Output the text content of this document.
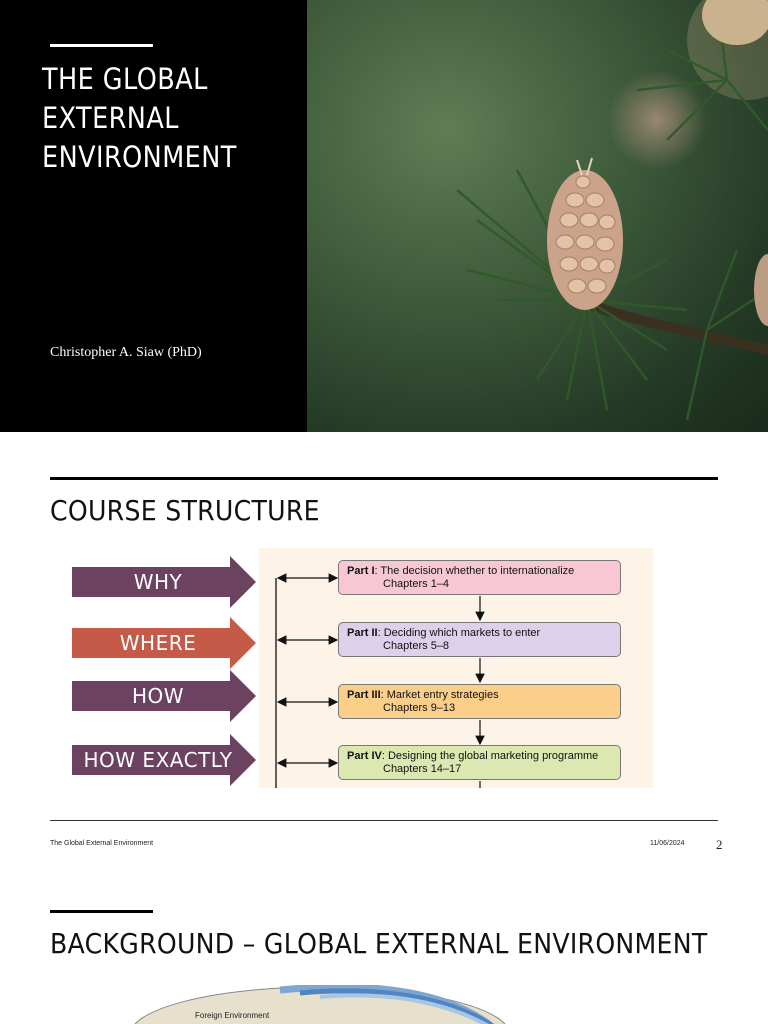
THE GLOBAL
EXTERNAL
ENVIRONMENT
Christopher A. Siaw (PhD)
COURSE STRUCTURE
WHY
WHERE
HOW
HOW EXACTLY
Part I: The decision whether to internationalize
Chapters 1–4
Part II: Deciding which markets to enter
Chapters 5–8
Part III: Market entry strategies
Chapters 9–13
Part IV: Designing the global marketing programme
Chapters 14–17
The Global External Environment	11/06/2024 2
BACKGROUND – GLOBAL EXTERNAL ENVIRONMENT
Foreign Environment
